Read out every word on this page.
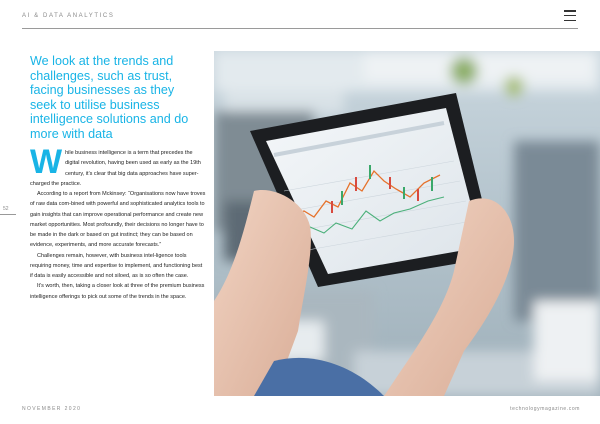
AI & DATA ANALYTICS
We look at the trends and challenges, such as trust, facing businesses as they seek to utilise business intelligence solutions and do more with data

While business intelligence is a term that precedes the digital revolution, having been used as early as the 19th century, it’s clear that big data approaches have super-charged the practice.

According to a report from Mckinsey: “Organisations now have troves of raw data com-bined with powerful and sophisticated analytics tools to gain insights that can improve operational performance and create new market opportunities. Most profoundly, their decisions no longer have to be made in the dark or based on gut instinct; they can be based on evidence, experiments, and more accurate forecasts.”

Challenges remain, however, with business intel-ligence tools requiring money, time and expertise to implement, and functioning best if data is easily accessible and not siloed, as is so often the case.

It’s worth, then, taking a closer look at three of the premium business intelligence offerings to pick out some of the trends in the space.

52
NOVEMBER 2020	technologymagazine.com
